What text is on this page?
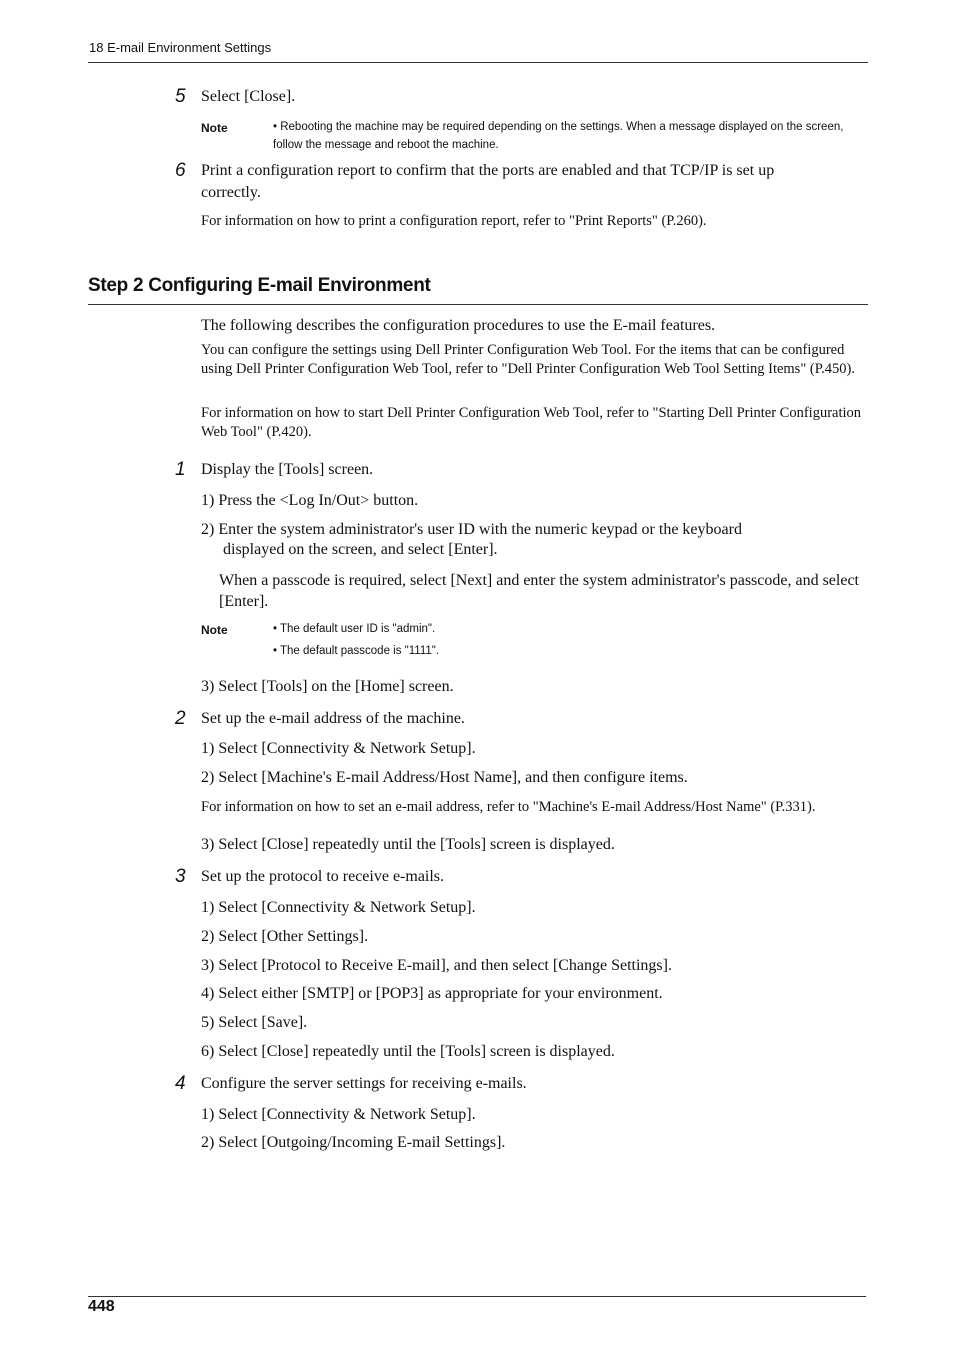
18 E-mail Environment Settings

5 Select [Close].

Note	• Rebooting the machine may be required depending on the settings. When a message displayed on the screen, follow the message and reboot the machine.

6 Print a configuration report to confirm that the ports are enabled and that TCP/IP is set up

correctly.

For information on how to print a configuration report, refer to "Print Reports" (P.260).

Step 2 Configuring E-mail Environment

The following describes the configuration procedures to use the E-mail features.

You can configure the settings using Dell Printer Configuration Web Tool. For the items that can be configured using Dell Printer Configuration Web Tool, refer to "Dell Printer Configuration Web Tool Setting Items" (P.450).

For information on how to start Dell Printer Configuration Web Tool, refer to "Starting Dell Printer Configuration Web Tool" (P.420).

1 Display the [Tools] screen.

1) Press the <Log In/Out> button.

2) Enter the system administrator's user ID with the numeric keypad or the keyboard

displayed on the screen, and select [Enter].

When a passcode is required, select [Next] and enter the system administrator's passcode, and select [Enter].

Note	• The default user ID is "admin".

• The default passcode is "1111".

3) Select [Tools] on the [Home] screen.

2 Set up the e-mail address of the machine.

1) Select [Connectivity & Network Setup].

2) Select [Machine's E-mail Address/Host Name], and then configure items.

For information on how to set an e-mail address, refer to "Machine's E-mail Address/Host Name" (P.331).

3) Select [Close] repeatedly until the [Tools] screen is displayed.

3 Set up the protocol to receive e-mails.

1) Select [Connectivity & Network Setup].

2) Select [Other Settings].

3) Select [Protocol to Receive E-mail], and then select [Change Settings].

4) Select either [SMTP] or [POP3] as appropriate for your environment.

5) Select [Save].

6) Select [Close] repeatedly until the [Tools] screen is displayed.

4 Configure the server settings for receiving e-mails.

1) Select [Connectivity & Network Setup].

2) Select [Outgoing/Incoming E-mail Settings].

448
